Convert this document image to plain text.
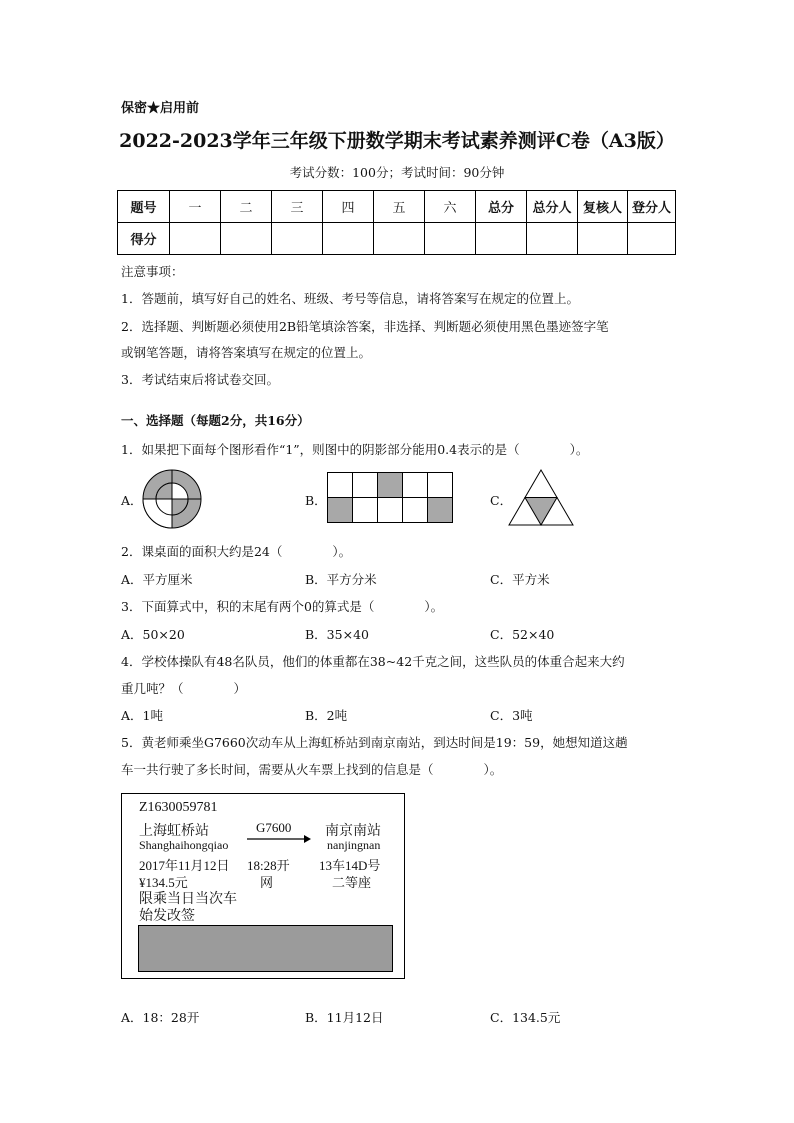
保密★启用前
2022-2023学年三年级下册数学期末考试素养测评C卷（A3版）
考试分数：100分；考试时间：90分钟
题号	一	二	三	四	五	六	总分	总分人	复核人	登分人
得分										
注意事项：
1．答题前，填写好自己的姓名、班级、考号等信息，请将答案写在规定的位置上。
2．选择题、判断题必须使用2B铅笔填涂答案，非选择、判断题必须使用黑色墨迹签字笔
或钢笔答题，请将答案填写在规定的位置上。
3．考试结束后将试卷交回。
一、选择题（每题2分，共16分）
1．如果把下面每个图形看作“1”，则图中的阴影部分能用0.4表示的是（　　　　）。
A．	B．	C．
2．课桌面的面积大约是24（　　　　）。
A．平方厘米	B．平方分米	C．平方米
3．下面算式中，积的末尾有两个0的算式是（　　　　）。
A．50×20	B．35×40	C．52×40
4．学校体操队有48名队员，他们的体重都在38~42千克之间，这些队员的体重合起来大约
重几吨？（　　　　）
A．1吨	B．2吨	C．3吨
5．黄老师乘坐G7660次动车从上海虹桥站到南京南站，到达时间是19：59，她想知道这趟
车一共行驶了多长时间，需要从火车票上找到的信息是（　　　　）。
Z1630059781
上海虹桥站
Shanghaihongqiao
G7600 南京南站
nanjingnan
2017年11月12日 18:28开 13车14D号
¥134.5元	网	二等座
限乘当日当次车
始发改签
A．18：28开	B．11月12日	C．134.5元
